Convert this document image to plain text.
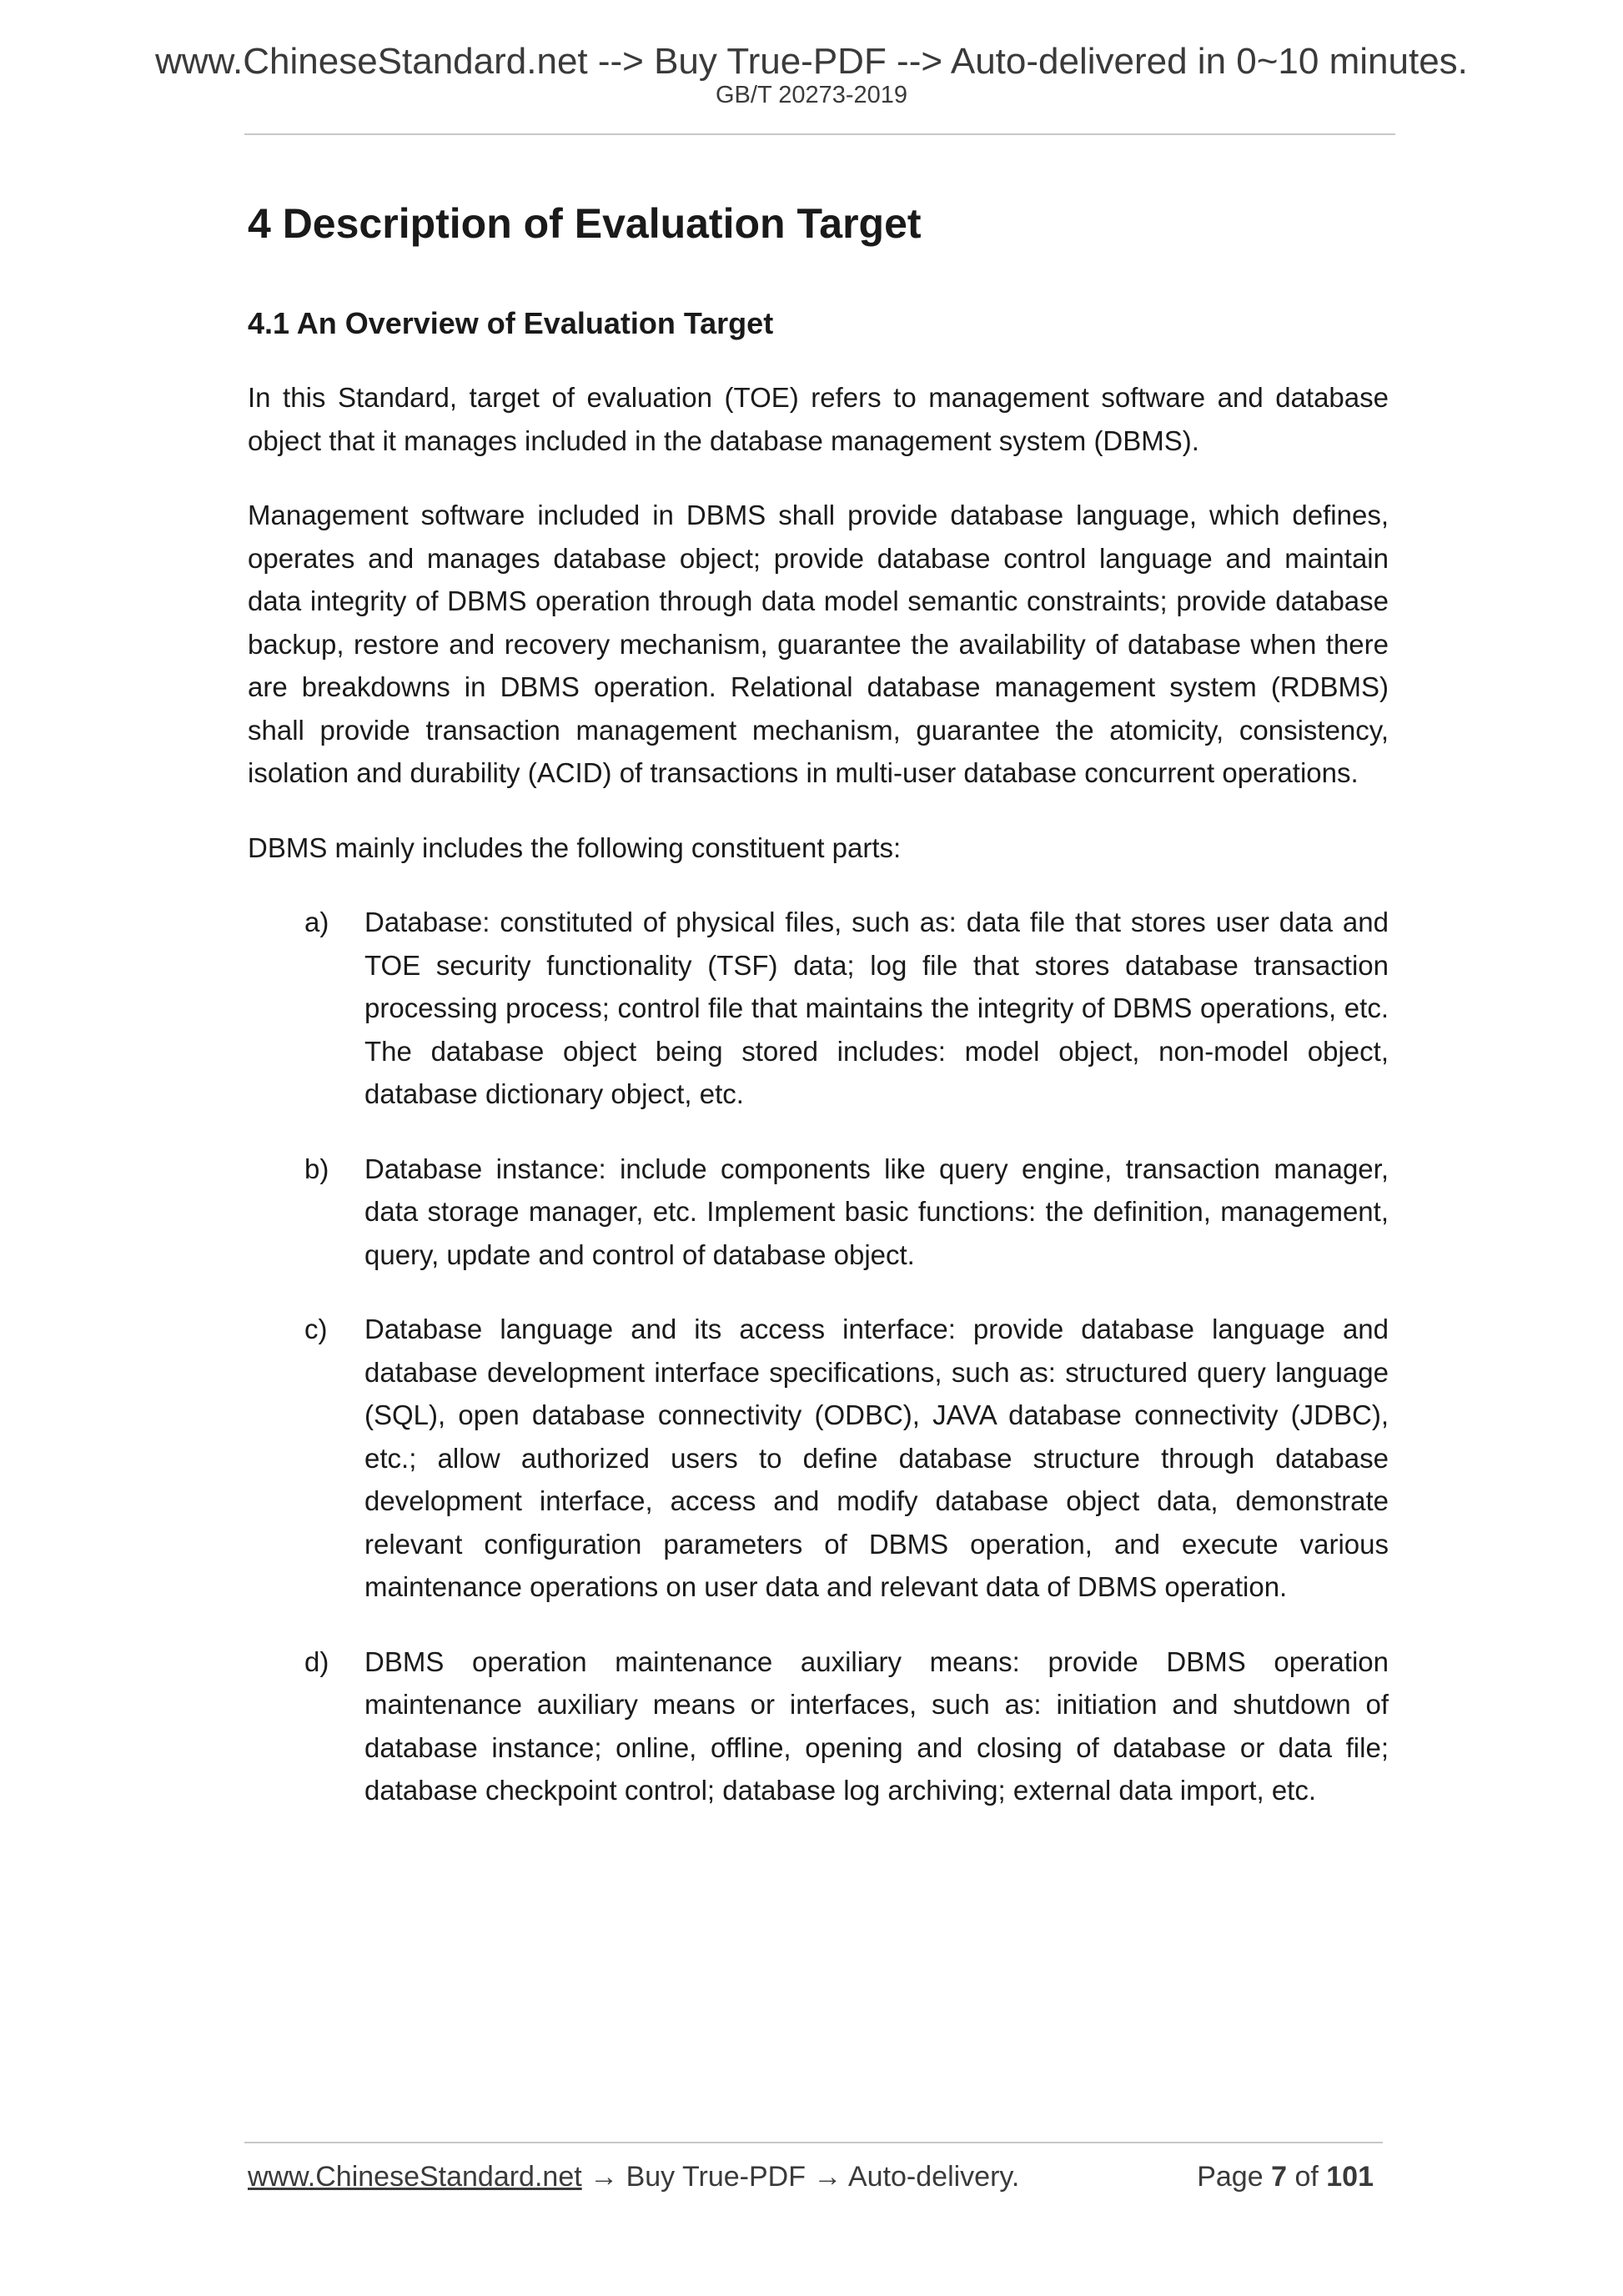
www.ChineseStandard.net --> Buy True-PDF --> Auto-delivered in 0~10 minutes.
GB/T 20273-2019
4 Description of Evaluation Target
4.1 An Overview of Evaluation Target

In this Standard, target of evaluation (TOE) refers to management software and database object that it manages included in the database management system (DBMS).

Management software included in DBMS shall provide database language, which defines, operates and manages database object; provide database control language and maintain data integrity of DBMS operation through data model semantic constraints; provide database backup, restore and recovery mechanism, guarantee the availability of database when there are breakdowns in DBMS operation. Relational database management system (RDBMS) shall provide transaction management mechanism, guarantee the atomicity, consistency, isolation and durability (ACID) of transactions in multi-user database concurrent operations.

DBMS mainly includes the following constituent parts:

a)	Database: constituted of physical files, such as: data file that stores user data and TOE security functionality (TSF) data; log file that stores database transaction processing process; control file that maintains the integrity of DBMS operations, etc. The database object being stored includes: model object, non-model object, database dictionary object, etc.
b)	Database instance: include components like query engine, transaction manager, data storage manager, etc. Implement basic functions: the definition, management, query, update and control of database object.
c)	Database language and its access interface: provide database language and database development interface specifications, such as: structured query language (SQL), open database connectivity (ODBC), JAVA database connectivity (JDBC), etc.; allow authorized users to define database structure through database development interface, access and modify database object data, demonstrate relevant configuration parameters of DBMS operation, and execute various maintenance operations on user data and relevant data of DBMS operation.
d)	DBMS operation maintenance auxiliary means: provide DBMS operation maintenance auxiliary means or interfaces, such as: initiation and shutdown of database instance; online, offline, opening and closing of database or data file; database checkpoint control; database log archiving; external data import, etc.
www.ChineseStandard.net → Buy True-PDF → Auto-delivery.	Page 7 of 101
